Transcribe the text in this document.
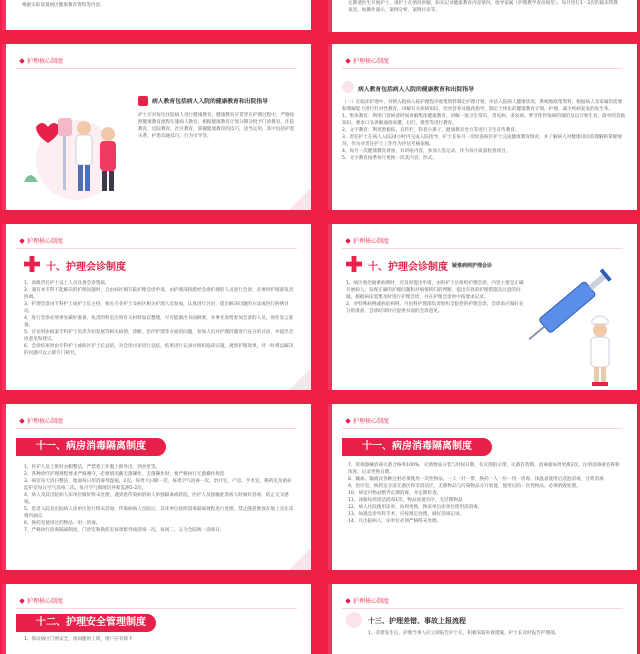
根据实际设置病区健康教育资料等内容。	定期请医生开展护士，请护士在情况讲解，如实记录健康教育内容情况，指导家属（护理教学查房规范），每月进行1－2次的临床带教查房，如操作演示，案例分析，案例讨论等。

护理核心制度
病人教育包括病人入院的健康教育和出院指导
护士应对每位住院病人进行健康教育，健康教育应贯穿在护理过程中，严格按照健康教育流程实施病人教育，根据健康教育计划分期分批予门诊教育，住院教育，出院教育，社区教育，掌握健康教育的技巧，适当运用，其中包括护患关系，护患沟通技巧，行为引导等。
护理核心制度
病人教育包括病人入院的健康教育和出院指导

（一）在临床护理中，对新入院病人按护理程序收集资料制定护理计划，评估入院病人健康状况，系统地收集资料，根据病人及家属的需要和理解能力进行针对性教育，讲解有关疾病知识，饮食营养及服药指导，制定个体化的健康教育计划，护理，减少疾病复发的发生率。

1、集体教育：利用门诊候诊时间讲解集体健康教育，讲解一般卫生常识，常见病、多发病、季节性传染病的预防及以计划生育、简单的急救知识，要求口头讲解通俗易懂，幻灯，模型等进行教育。

2、文字教育：利用黑板报，宣传栏，科普小册子，健康教育处方等进行卫生宣传教育。

3、责任护士在病人入院24小时内完成入院指导，护士长每月一次检查病区护士完成健康教育情况，并了解病人对健康知识的理解和掌握情况，作为对责任护士工作作为评估考核依据。

4、每月一次健康教育讲座，有讲座内容，参加人签记录，作为每月质量检查项目。

5、文字教育按季每月更换一次其内容、形式。

护理核心制度
十、护理会诊制度

1、高级责任护士以上人员具备会诊资质。

2、遇有本专科不能解决的护理问题时，自由病区填写院护理会诊申请，由护理部指派经会诊护理的人员进行会诊，必要时护理部负责协调。

3、护理会诊由专科护士或护士长主持，相关专业护士及病区相关护理人员参加，认真进行讨论，提出解决问题的方法或进行病例讨论。

4、进行会诊必须事先做好准备，负责的科室应将有关材料加以整理，尽可能做出书面摘要，并事先发给参加会诊的人员，预作发言准备。

5、讨论时由病案专科护士负责介绍发展等相关病情，诊断、治疗护理等方面的问题，参加人员对护理问题进行充分的讨论，并提出会诊意见和建议。

6、会诊结束时由专科护士或病区护士长总结，对会诊讨论进行总结，结果进行记录并组织临床实施，观察护理效果，对一时难以解决的问题可以立即专门研究。

护理核心制度
十、护理会诊制度 疑难病例护理会诊

1、病区收治疑难病例时，应及时提出申请，由科护士长组织护理会诊，内容主要是正确开展病人，发现正确的护理问题和对病情转归的判断，提出有效的护理措施及注意的问题，根据病床需要及时进行护理会诊，并在护理会诊单中按要求记录。

2、对特殊病例或病危病例，可由科护理部负责组织全院性的护理会诊，会诊前应做好充分的准备，会诊结束时应提供书面的会诊意见。

护理核心制度
十一、病房消毒隔离制度

1、医护人员上班时衣帽整洁，严禁着工作服上街外出、到食堂等。

2、各种诊疗护理规程要求严格遵守，必要情况戴无菌操作，无菌操作时，要严格执行无菌操作规范

3、病室每天清扫整洁，地面每日用消毒剂湿拖。2次，每周大扫除一次，每周空气消毒一次。治疗室、产房、手术室、换药室及重症监护室每日空气消毒二次。每月空气细菌培养和监测1-2次。

4、病人及其出院病人床单位做好终末处理，遇到患传染病的病人单独隔离或转院，医护人员接触此类病人时做好消毒，防止交叉感染。

5、患者入院及出院病人床单位进行终末消毒，传染病病人出院后，其床单位按照消毒隔离规程进行处理，禁止随意堆放在地上及在床椅内滴点

6、换药室使用过的物品一用一消毒。

7、严格执行消毒隔离制度，门诊室和换药室每周紫外线消毒一次。每周二、五为全院统一消毒日。

护理核心制度
十一、病房消毒隔离制度

7、常规器械消毒灭菌合格率100%，灭菌物品分装与时间日期，有灭菌指示带，灭菌有效期。消毒液每周更换2次，注明消毒液名称和浓度，记录更换日期。

8、输血、输液及各种注射必须使用一次性物品，一人一针一带，换药一人一份一用一消毒，体温表使用后浸泡消毒，分类消毒

9、治疗室、换药室分清无菌区和非清洁区，无菌物品与污染物品分开放置，使用后的一次性物品，必须销毁处理。

10、病室内物品整齐定期消毒，并定期检查。

11、冰箱每周清洁消毒1次，物品放置有序，无过期物品

12、病人住院使用床单，每周更换，换床单后床单位使用前消毒。

13、如遇急诊外科手术，应按规定处理，做好消毒记录。

14、凡出院病人，床单位必须严格终末处理。

护理核心制度
十二、护理安全管理制度

1、保证病区门窗安全，夜间随时上锁，窗户应有锁卡

护理核心制度
十三、护理差错、事故上报流程

1、差错发生后，护理当事人应立即报告护士长，积极采取补救措施，护士长及时报告护理部。
